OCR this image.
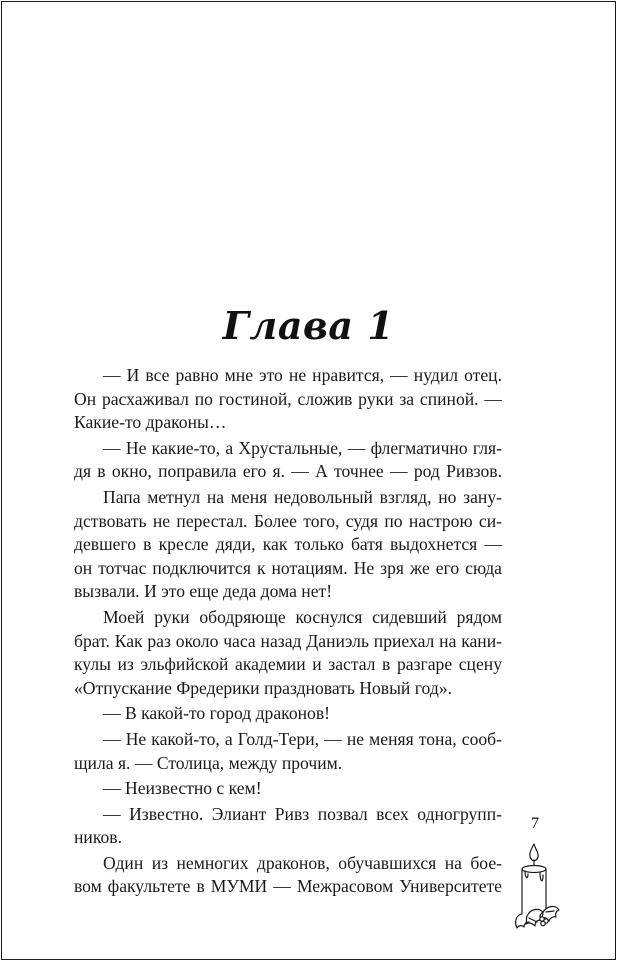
Глава 1
— И все равно мне это не нравится, — нудил отец.
Он расхаживал по гостиной, сложив руки за спиной. —
Какие-то драконы…
— Не какие-то, а Хрустальные, — флегматично гля-
дя в окно, поправила его я. — А точнее — род Ривзов.
Папа метнул на меня недовольный взгляд, но зану-
дствовать не перестал. Более того, судя по настрою си-
девшего в кресле дяди, как только батя выдохнется —
он тотчас подключится к нотациям. Не зря же его сюда
вызвали. И это еще деда дома нет!
Моей руки ободряюще коснулся сидевший рядом
брат. Как раз около часа назад Даниэль приехал на кани-
кулы из эльфийской академии и застал в разгаре сцену
«Отпускание Фредерики праздновать Новый год».
— В какой-то город драконов!
— Не какой-то, а Голд-Тери, — не меняя тона, сооб-
щила я. — Столица, между прочим.
— Неизвестно с кем!
— Известно. Элиант Ривз позвал всех одногрупп-
ников.
Один из немногих драконов, обучавшихся на бое-
вом факультете в МУМИ — Межрасовом Университете
7
